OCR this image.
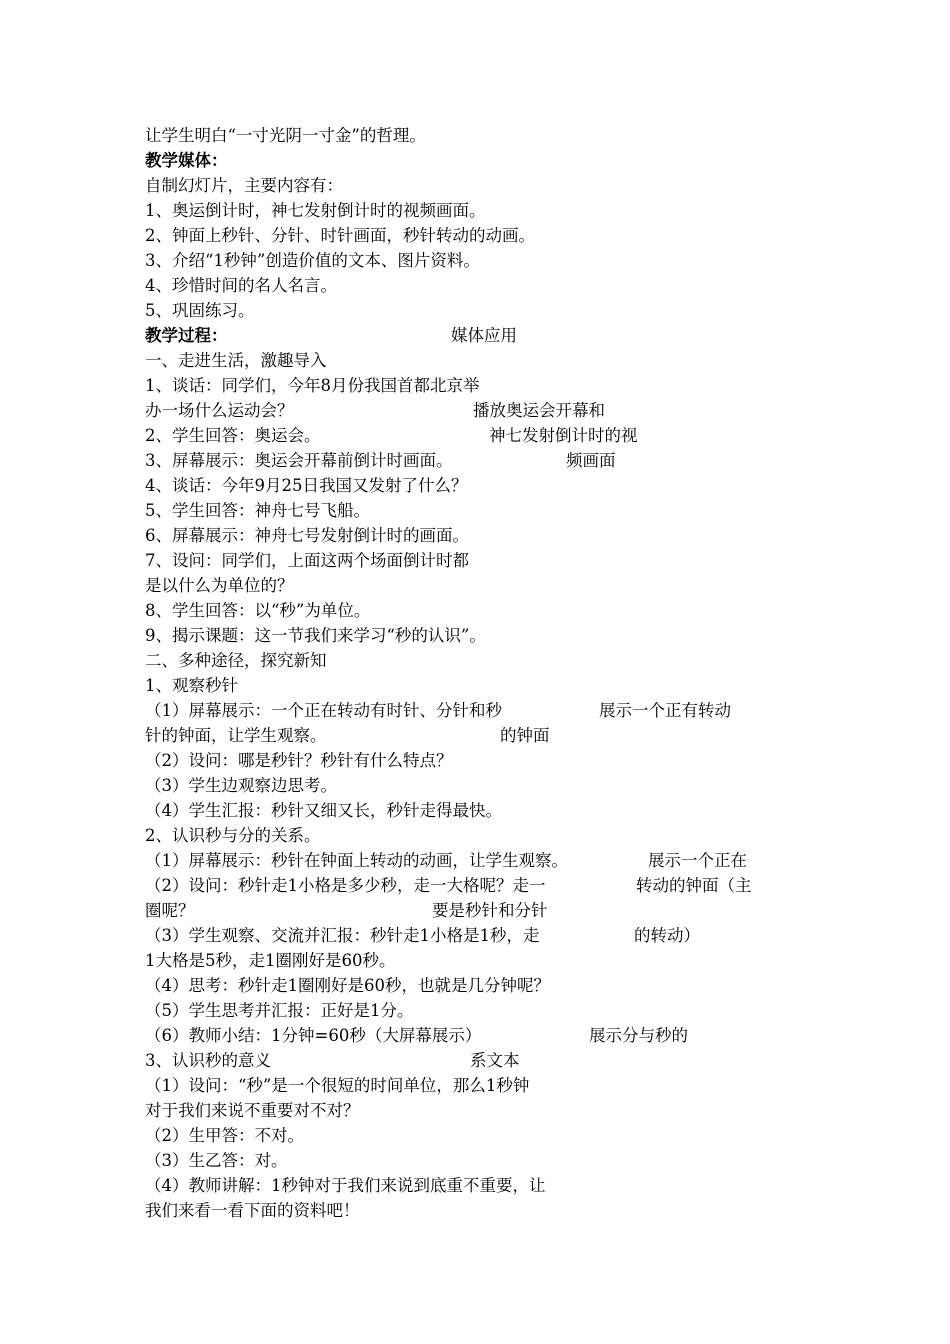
让学生明白“一寸光阴一寸金”的哲理。
教学媒体：
自制幻灯片，主要内容有：
1、奥运倒计时，神七发射倒计时的视频画面。
2、钟面上秒针、分针、时针画面，秒针转动的动画。
3、介绍“1秒钟”创造价值的文本、图片资料。
4、珍惜时间的名人名言。
5、巩固练习。
教学过程：	媒体应用
一、走进生活，激趣导入
1、谈话：同学们，今年8月份我国首都北京举
办一场什么运动会？	播放奥运会开幕和
2、学生回答：奥运会。	神七发射倒计时的视
3、屏幕展示：奥运会开幕前倒计时画面。	频画面
4、谈话：今年9月25日我国又发射了什么？
5、学生回答：神舟七号飞船。
6、屏幕展示：神舟七号发射倒计时的画面。
7、设问：同学们，上面这两个场面倒计时都
是以什么为单位的？
8、学生回答：以“秒”为单位。
9、揭示课题：这一节我们来学习“秒的认识”。
二、多种途径，探究新知
1、观察秒针
（1）屏幕展示：一个正在转动有时针、分针和秒	展示一个正有转动
针的钟面，让学生观察。	的钟面
（2）设问：哪是秒针？秒针有什么特点？
（3）学生边观察边思考。
（4）学生汇报：秒针又细又长，秒针走得最快。
2、认识秒与分的关系。
（1）屏幕展示：秒针在钟面上转动的动画，让学生观察。	展示一个正在
（2）设问：秒针走1小格是多少秒，走一大格呢？走一	转动的钟面（主
圈呢？	要是秒针和分针
（3）学生观察、交流并汇报：秒针走1小格是1秒，走	的转动）
1大格是5秒，走1圈刚好是60秒。
（4）思考：秒针走1圈刚好是60秒，也就是几分钟呢？
（5）学生思考并汇报：正好是1分。
（6）教师小结：1分钟=60秒（大屏幕展示）	展示分与秒的
3、认识秒的意义	系文本
（1）设问：“秒”是一个很短的时间单位，那么1秒钟
对于我们来说不重要对不对？
（2）生甲答：不对。
（3）生乙答：对。
（4）教师讲解：1秒钟对于我们来说到底重不重要，让
我们来看一看下面的资料吧！
